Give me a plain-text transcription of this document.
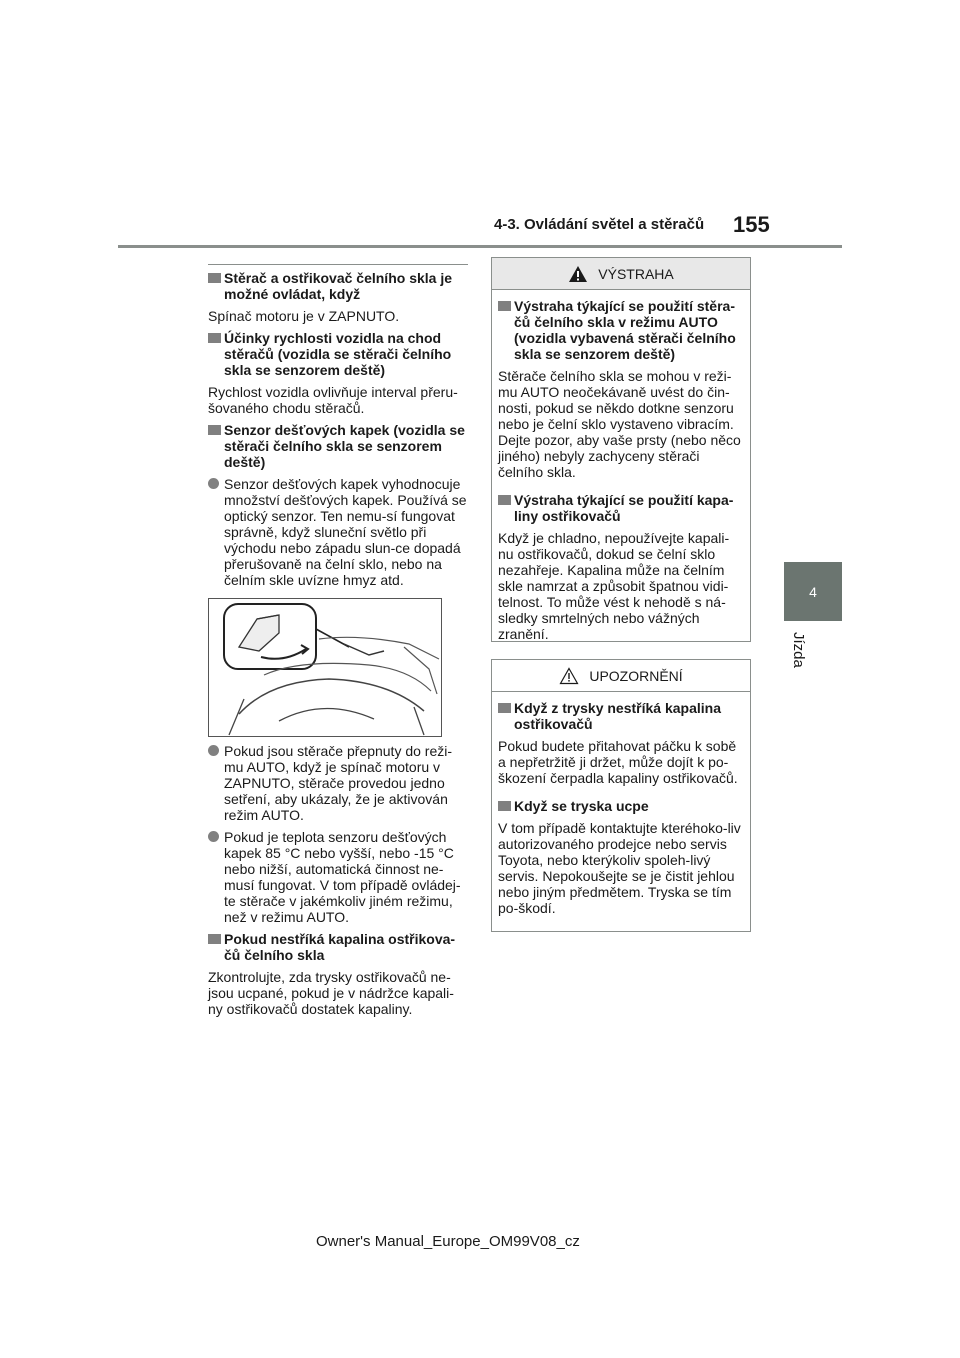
4-3. Ovládání světel a stěračů 155
4
Jízda
Stěrač a ostřikovač čelního skla je možné ovládat, když

Spínač motoru je v ZAPNUTO.

Účinky rychlosti vozidla na chod stěračů (vozidla se stěrači čelního skla se senzorem deště)

Rychlost vozidla ovlivňuje interval přeru-šovaného chodu stěračů.

Senzor dešťových kapek (vozidla se stěrači čelního skla se senzorem deště)
Senzor dešťových kapek vyhodnocuje množství dešťových kapek. Používá se optický senzor. Ten nemu-sí fungovat správně, když sluneční světlo při východu nebo západu slun-ce dopadá přerušovaně na čelní sklo, nebo na čelním skle uvízne hmyz atd.
Pokud jsou stěrače přepnuty do reži-mu AUTO, když je spínač motoru v ZAPNUTO, stěrače provedou jedno setření, aby ukázaly, že je aktivován režim AUTO.
Pokud je teplota senzoru dešťových kapek 85 °C nebo vyšší, nebo -15 °C nebo nižší, automatická činnost ne-musí fungovat. V tom případě ovládej-te stěrače v jakémkoliv jiném režimu, než v režimu AUTO.
Pokud nestříká kapalina ostřikova-čů čelního skla

Zkontrolujte, zda trysky ostřikovačů ne-jsou ucpané, pokud je v nádržce kapali-ny ostřikovačů dostatek kapaliny.

VÝSTRAHA
Výstraha týkající se použití stěra-čů čelního skla v režimu AUTO (vozidla vybavená stěrači čelního skla se senzorem deště)

Stěrače čelního skla se mohou v reži-mu AUTO neočekávaně uvést do čin-nosti, pokud se někdo dotkne senzoru nebo je čelní sklo vystaveno vibracím. Dejte pozor, aby vaše prsty (nebo něco jiného) nebyly zachyceny stěrači čelního skla.

Výstraha týkající se použití kapa-liny ostřikovačů

Když je chladno, nepoužívejte kapali-nu ostřikovačů, dokud se čelní sklo nezahřeje. Kapalina může na čelním skle namrzat a způsobit špatnou vidi-telnost. To může vést k nehodě s ná-sledky smrtelných nebo vážných zranění.

UPOZORNĚNÍ
Když z trysky nestříká kapalina ostřikovačů

Pokud budete přitahovat páčku k sobě a nepřetržitě ji držet, může dojít k po-škození čerpadla kapaliny ostřikovačů.

Když se tryska ucpe

V tom případě kontaktujte kteréhoko-liv autorizovaného prodejce nebo servis Toyota, nebo kterýkoliv spoleh-livý servis. Nepokoušejte se je čistit jehlou nebo jiným předmětem. Tryska se tím po-škodí.

Owner's Manual_Europe_OM99V08_cz
